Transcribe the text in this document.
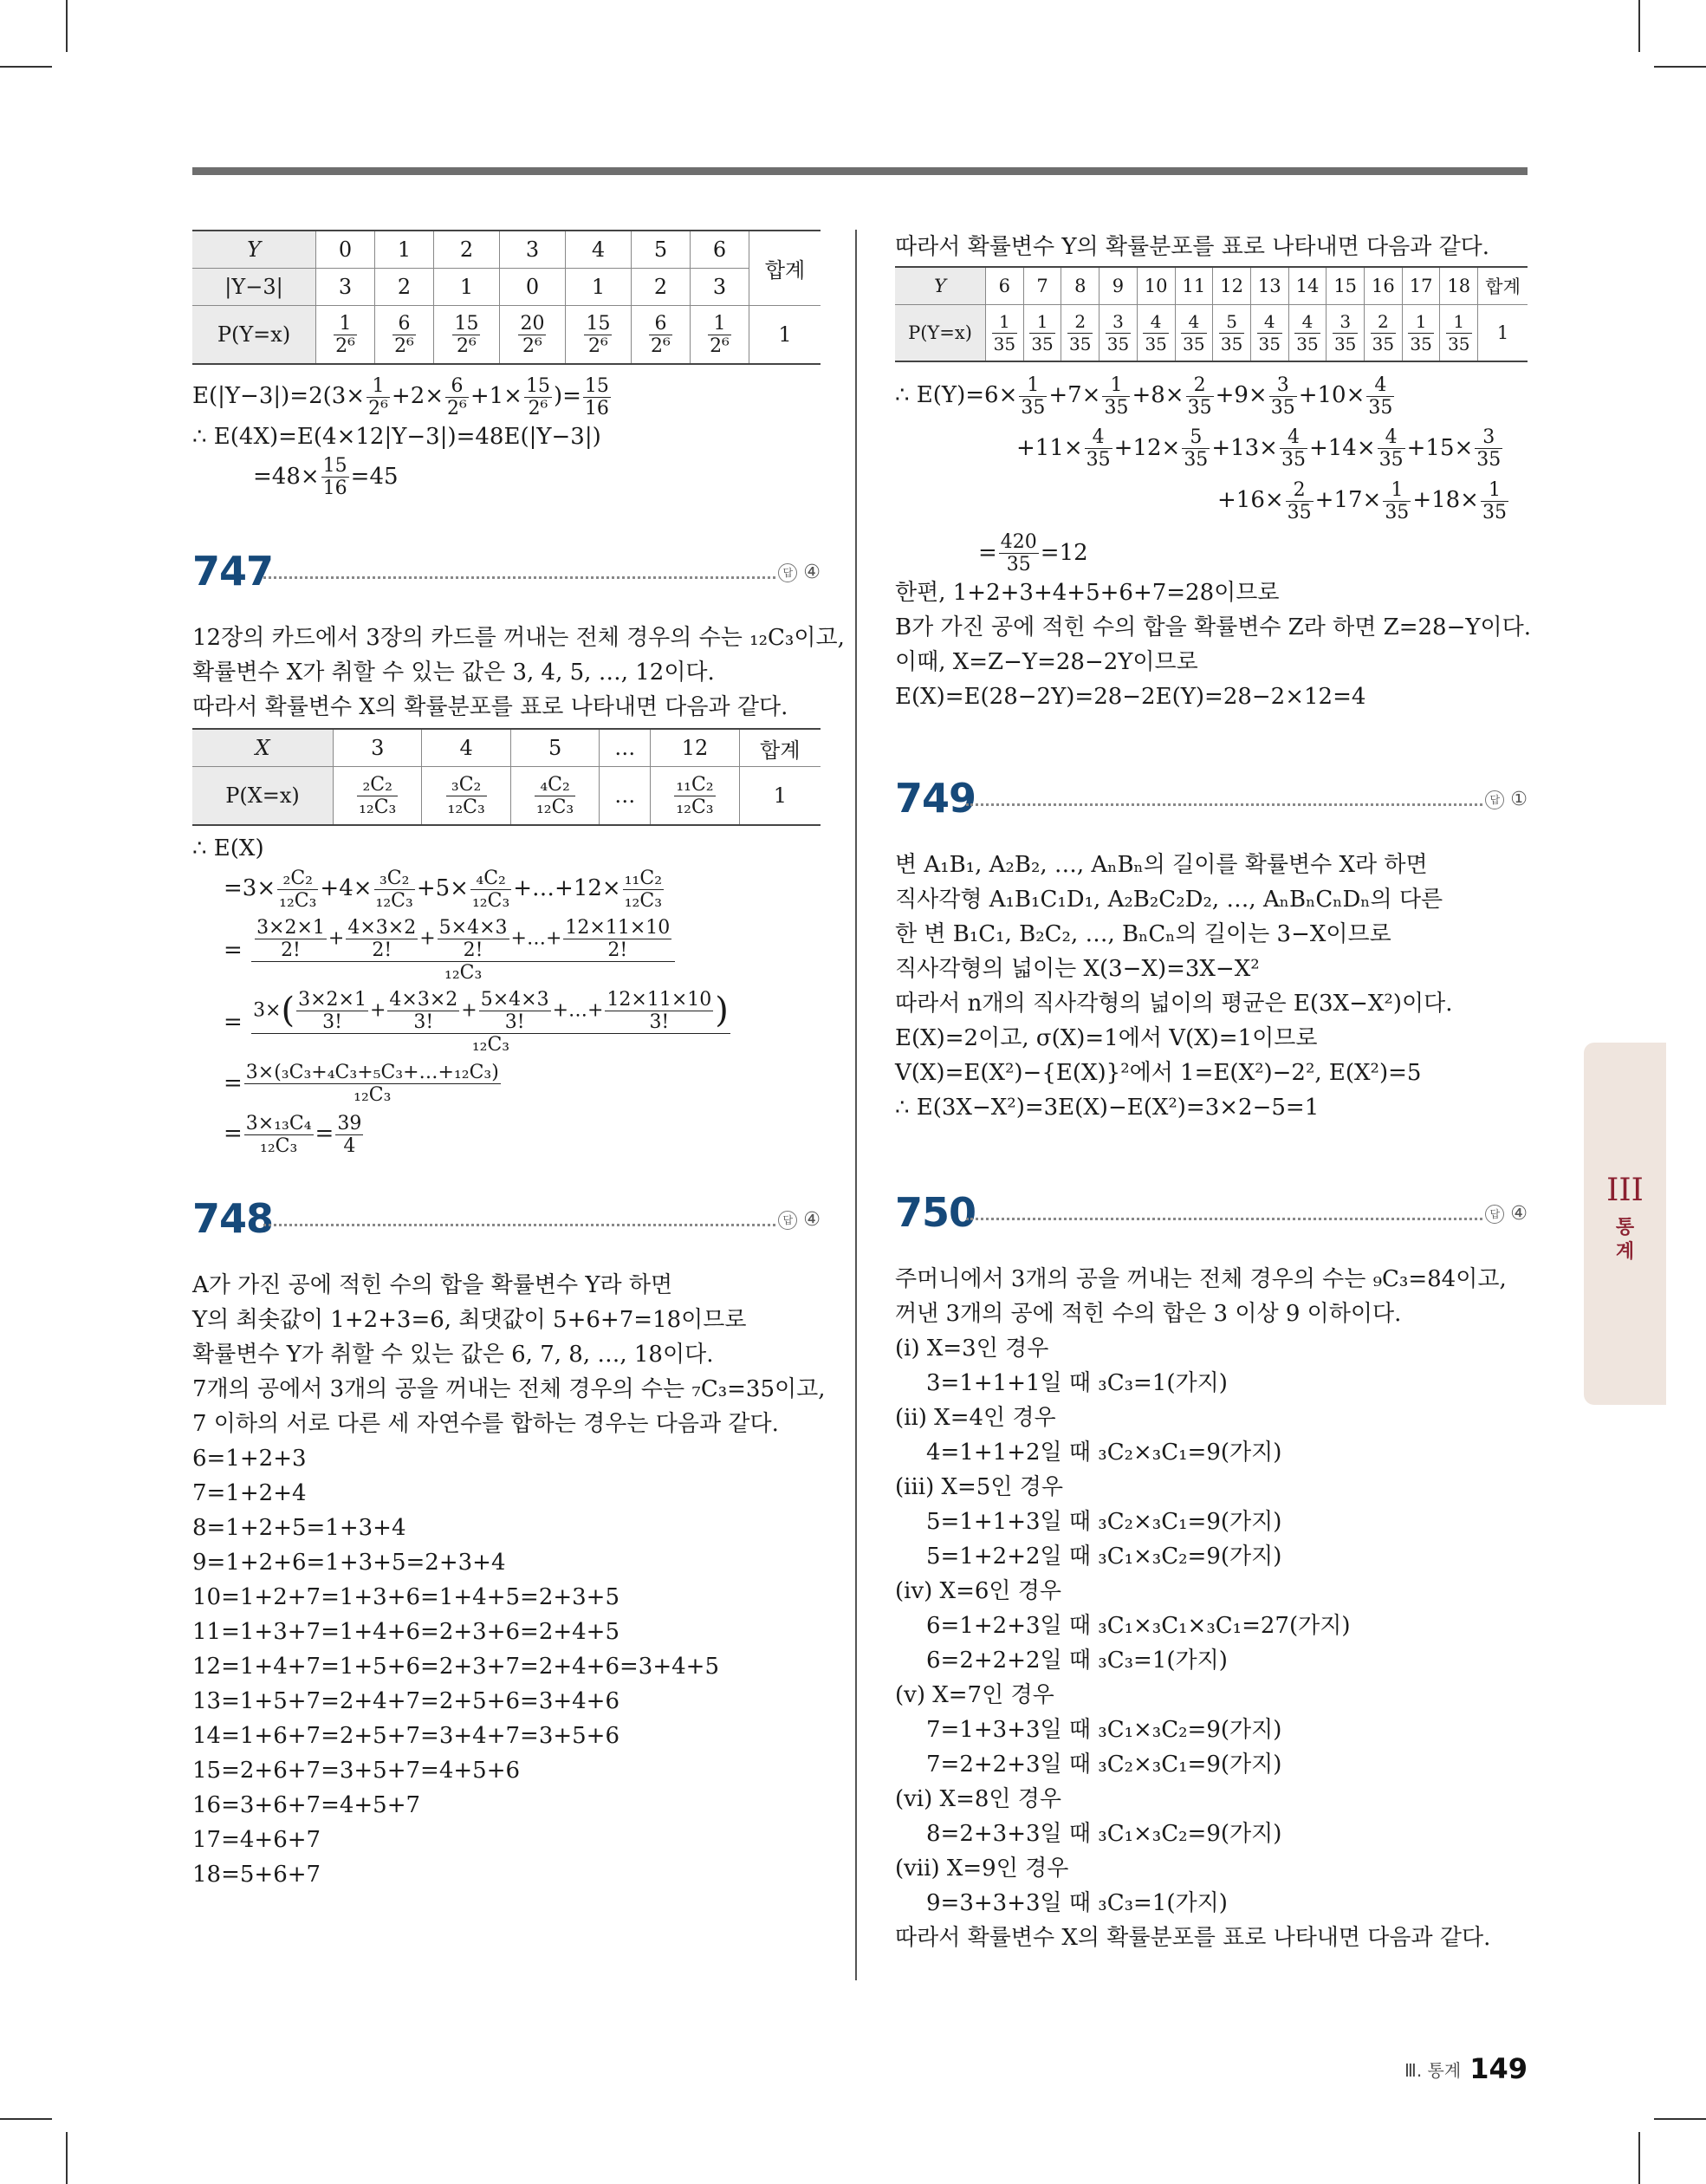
Y	0	1	2	3	4	5	6	합계
|Y−3|	3	2	1	0	1	2	3	
P(Y=x)	$\frac{1}{\text{2⁶}}$	$\frac{6}{\text{2⁶}}$	$\frac{15}{\text{2⁶}}$	$\frac{20}{\text{2⁶}}$	$\frac{15}{\text{2⁶}}$	$\frac{6}{\text{2⁶}}$	$\frac{1}{\text{2⁶}}$	1
$E(|Y-3|)=2(3\times \frac{1}{\text{2⁶}} +2\times \frac{6}{\text{2⁶}} +1\times \frac{15}{\text{2⁶}}$ )= $\frac{15}{16}$
∴ E(4X)=E(4×12|Y−3|)=48E(|Y−3|)
$=48\times \frac{15}{16} =45$
747	답 ④
12장의 카드에서 3장의 카드를 꺼내는 전체 경우의 수는 ₁₂C₃이고,
확률변수 X가 취할 수 있는 값은 3, 4, 5, …, 12이다.
따라서 확률변수 X의 확률분포를 표로 나타내면 다음과 같다.
X	3	4	5	…	12	합계
P(X=x)	$\frac{\text{₂C₂}}{\text{₁₂C₃}}$	$\frac{\text{₃C₂}}{\text{₁₂C₃}}$	$\frac{\text{₄C₂}}{\text{₁₂C₃}}$	…	$\frac{\text{₁₁C₂}}{\text{₁₂C₃}}$	1
∴ E(X)
$=3\times \frac{\text{₂C₂}}{\text{₁₂C₃}} +4\times \frac{\text{₃C₂}}{\text{₁₂C₃}} +5\times \frac{\text{₄C₂}}{\text{₁₂C₃}}$ +…+12× $\frac{\text{₁₁C₂}}{\text{₁₂C₃}}$
= $\frac{\frac{3\times 2\times 1}{2!} + \frac{4\times 3\times 2}{2!} + \frac{5\times 4\times 3}{2!} +\dots+ \frac{12\times 11\times 10}{2!}}{\text{₁₂C₃}}$
= $\frac{3\times( \frac{3\times 2\times 1}{3!} + \frac{4\times 3\times 2}{3!} + \frac{5\times 4\times 3}{3!} +\dots+ \frac{12\times 11\times 10}{3!} )}{\text{₁₂C₃}}$
= $\frac{\text{3×(₃C₃+₄C₃+₅C₃+…+₁₂C₃)}}{\text{₁₂C₃}}$
= $\frac{\text{3×₁₃C₄}}{\text{₁₂C₃}} = \frac{39}{4}$
748	답 ④
A가 가진 공에 적힌 수의 합을 확률변수 Y라 하면
Y의 최솟값이 1+2+3=6, 최댓값이 5+6+7=18이므로
확률변수 Y가 취할 수 있는 값은 6, 7, 8, …, 18이다.
7개의 공에서 3개의 공을 꺼내는 전체 경우의 수는 ₇C₃=35이고,
7 이하의 서로 다른 세 자연수를 합하는 경우는 다음과 같다.
6=1+2+3
7=1+2+4
8=1+2+5=1+3+4
9=1+2+6=1+3+5=2+3+4
10=1+2+7=1+3+6=1+4+5=2+3+5
11=1+3+7=1+4+6=2+3+6=2+4+5
12=1+4+7=1+5+6=2+3+7=2+4+6=3+4+5
13=1+5+7=2+4+7=2+5+6=3+4+6
14=1+6+7=2+5+7=3+4+7=3+5+6
15=2+6+7=3+5+7=4+5+6
16=3+6+7=4+5+7
17=4+6+7
18=5+6+7
따라서 확률변수 Y의 확률분포를 표로 나타내면 다음과 같다.
Y	6	7	8	9	10	11	12	13	14	15	16	17	18	합계
P(Y=x)	$\frac{1}{35}$	$\frac{1}{35}$	$\frac{2}{35}$	$\frac{3}{35}$	$\frac{4}{35}$	$\frac{4}{35}$	$\frac{5}{35}$	$\frac{4}{35}$	$\frac{4}{35}$	$\frac{3}{35}$	$\frac{2}{35}$	$\frac{1}{35}$	$\frac{1}{35}$	1
∴ $E(Y)=6\times \frac{1}{35} +7\times \frac{1}{35} +8\times \frac{2}{35} +9\times \frac{3}{35} +10\times \frac{4}{35}$
$+11\times \frac{4}{35} +12\times \frac{5}{35} +13\times \frac{4}{35} +14\times \frac{4}{35} +15\times \frac{3}{35}$
$+16\times \frac{2}{35} +17\times \frac{1}{35} +18\times \frac{1}{35}$
= $\frac{420}{35} =12$
한편, 1+2+3+4+5+6+7=28이므로
B가 가진 공에 적힌 수의 합을 확률변수 Z라 하면 Z=28−Y이다.
이때, X=Z−Y=28−2Y이므로
E(X)=E(28−2Y)=28−2E(Y)=28−2×12=4
749	답 ①
변 A₁B₁, A₂B₂, …, AₙBₙ의 길이를 확률변수 X라 하면
직사각형 A₁B₁C₁D₁, A₂B₂C₂D₂, …, AₙBₙCₙDₙ의 다른
한 변 B₁C₁, B₂C₂, …, BₙCₙ의 길이는 3−X이므로
직사각형의 넓이는 X(3−X)=3X−X²
따라서 n개의 직사각형의 넓이의 평균은 E(3X−X²)이다.
E(X)=2이고, σ(X)=1에서 V(X)=1이므로
V(X)=E(X²)−{E(X)}²에서 1=E(X²)−2², E(X²)=5
∴ E(3X−X²)=3E(X)−E(X²)=3×2−5=1
750	답 ④
주머니에서 3개의 공을 꺼내는 전체 경우의 수는 ₉C₃=84이고,
꺼낸 3개의 공에 적힌 수의 합은 3 이상 9 이하이다.
(ⅰ) X=3인 경우
3=1+1+1일 때 ₃C₃=1(가지)
(ⅱ) X=4인 경우
4=1+1+2일 때 ₃C₂×₃C₁=9(가지)
(ⅲ) X=5인 경우
5=1+1+3일 때 ₃C₂×₃C₁=9(가지)
5=1+2+2일 때 ₃C₁×₃C₂=9(가지)
(ⅳ) X=6인 경우
6=1+2+3일 때 ₃C₁×₃C₁×₃C₁=27(가지)
6=2+2+2일 때 ₃C₃=1(가지)
(ⅴ) X=7인 경우
7=1+3+3일 때 ₃C₁×₃C₂=9(가지)
7=2+2+3일 때 ₃C₂×₃C₁=9(가지)
(ⅵ) X=8인 경우
8=2+3+3일 때 ₃C₁×₃C₂=9(가지)
(ⅶ) X=9인 경우
9=3+3+3일 때 ₃C₃=1(가지)
따라서 확률변수 X의 확률분포를 표로 나타내면 다음과 같다.
III
통계
Ⅲ. 통계 149
